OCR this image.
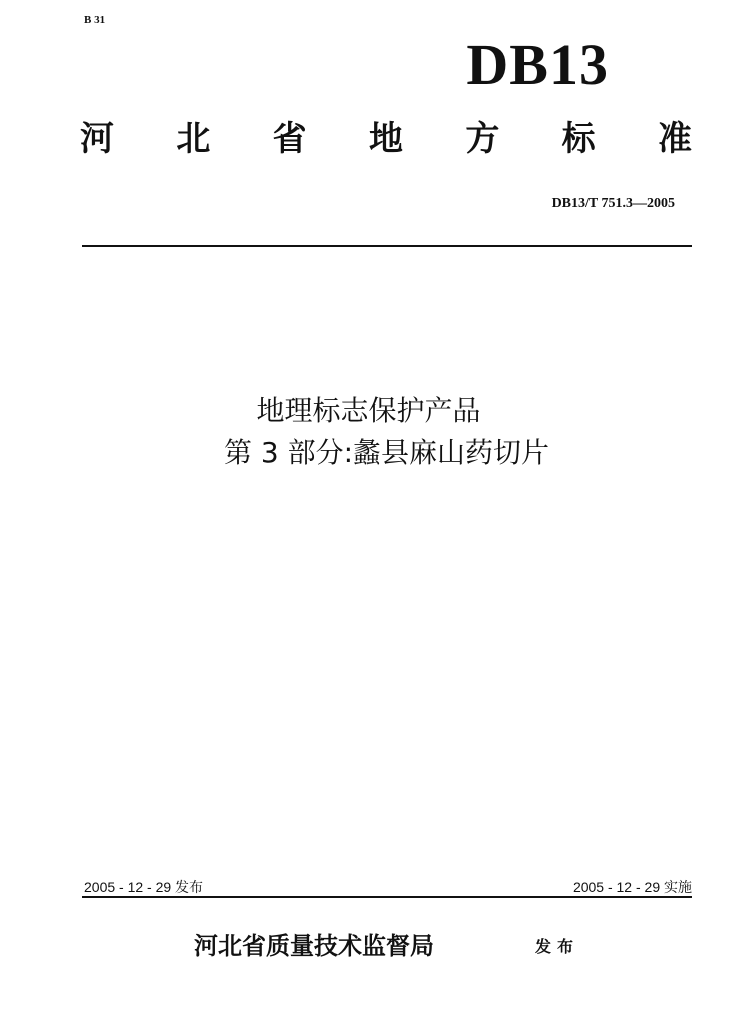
B 31
DB13
河 北 省 地 方 标 准
DB13/T 751.3—2005
地理标志保护产品
第 3 部分:蠡县麻山药切片
2005 - 12 - 29 发布	2005 - 12 - 29 实施
河北省质量技术监督局	发布
